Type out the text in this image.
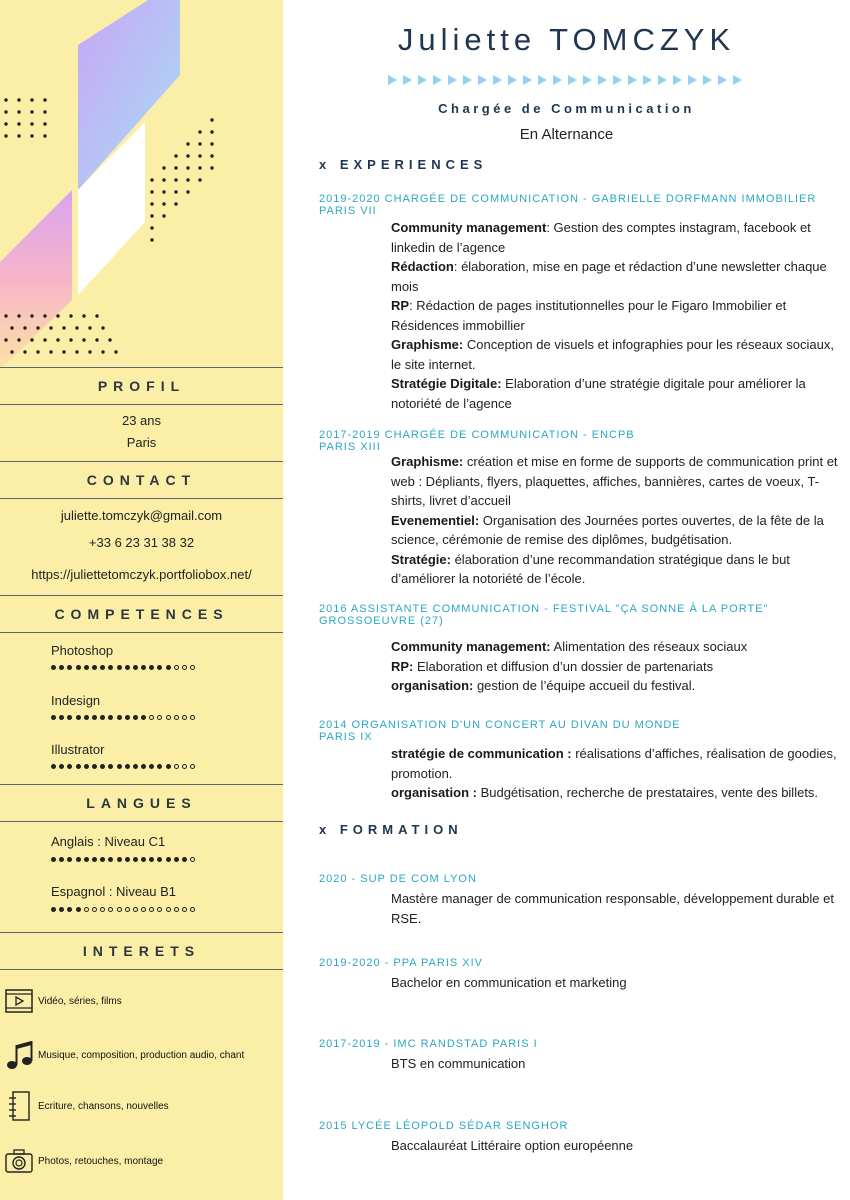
PROFIL
23 ans
Paris
CONTACT
juliette.tomczyk@gmail.com
+33 6 23 31 38 32
https://juliettetomczyk.portfoliobox.net/
COMPETENCES
Photoshop
Indesign
Illustrator
LANGUES
Anglais : Niveau C1
Espagnol : Niveau B1
INTERETS
Vidéo, séries, films
Musique, composition, production audio, chant
Ecriture, chansons, nouvelles
Photos, retouches, montage
Juliette TOMCZYK
Chargée de Communication
En Alternance
x EXPERIENCES
2019-2020 CHARGÉE DE COMMUNICATION - GABRIELLE DORFMANN IMMOBILIER
PARIS VII
Community management: Gestion des comptes instagram, facebook et linkedin de l’agence
Rédaction: élaboration, mise en page et rédaction d’une newsletter chaque mois
RP: Rédaction de pages institutionnelles pour le Figaro Immobilier et Résidences immobillier
Graphisme: Conception de visuels et infographies pour les réseaux sociaux, le site internet.
Stratégie Digitale: Elaboration d’une stratégie digitale pour améliorer la notoriété de l’agence
2017-2019 CHARGÉE DE COMMUNICATION - ENCPB
PARIS XIII
Graphisme: création et mise en forme de supports de communication print et web : Dépliants, flyers, plaquettes, affiches, bannières, cartes de voeux, T-shirts, livret d’accueil
Evenementiel: Organisation des Journées portes ouvertes, de la fête de la science, cérémonie de remise des diplômes, budgétisation.
Stratégie: élaboration d’une recommandation stratégique dans le but d’améliorer la notoriété de l’école.
2016 ASSISTANTE COMMUNICATION - FESTIVAL "ÇA SONNE À LA PORTE"
GROSSOEUVRE (27)
Community management: Alimentation des réseaux sociaux
RP: Elaboration et diffusion d’un dossier de partenariats
organisation: gestion de l’équipe accueil du festival.
2014 ORGANISATION D'UN CONCERT AU DIVAN DU MONDE
PARIS IX
stratégie de communication : réalisations d’affiches, réalisation de goodies, promotion.
organisation : Budgétisation, recherche de prestataires, vente des billets.
x FORMATION
2020 - SUP DE COM LYON
Mastère manager de communication responsable, développement durable et RSE.
2019-2020 - PPA PARIS XIV
Bachelor en communication et marketing
2017-2019 - IMC RANDSTAD PARIS I
BTS en communication
2015 LYCÉE LÉOPOLD SÉDAR SENGHOR
Baccalauréat Littéraire option européenne
